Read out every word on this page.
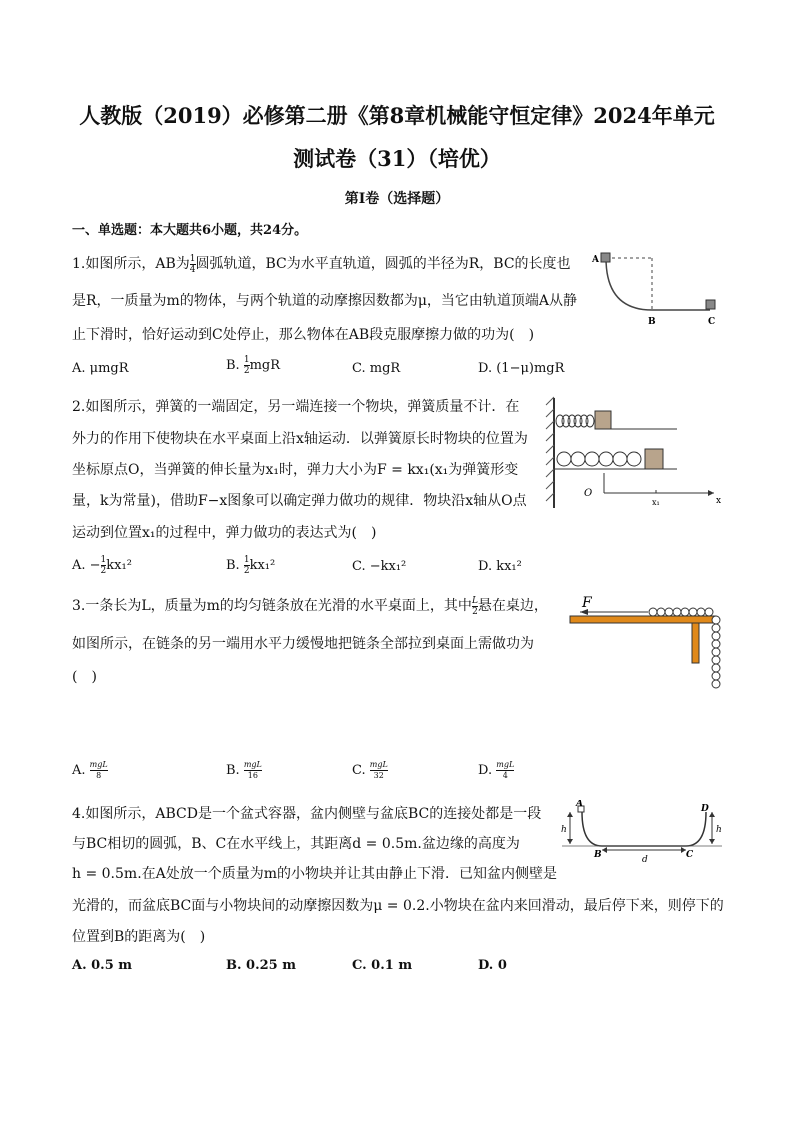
人教版（2019）必修第二册《第8章机械能守恒定律》2024年单元
测试卷（31）（培优）
第I卷（选择题）
一、单选题：本大题共6小题，共24分。
1.如图所示，AB为 $\frac{1}{4}$ 圆弧轨道，BC为水平直轨道，圆弧的半径为R，BC的长度也
是R，一质量为m的物体，与两个轨道的动摩擦因数都为μ，当它由轨道顶端A从静
止下滑时，恰好运动到C处停止，那么物体在AB段克服摩擦力做的功为(　)
A. μmgR	B. $\frac{1}{2}$ mgR	C. mgR	D. (1−μ)mgR
A
B	C
2.如图所示，弹簧的一端固定，另一端连接一个物块，弹簧质量不计．在
外力的作用下使物块在水平桌面上沿x轴运动．以弹簧原长时物块的位置为
坐标原点O，当弹簧的伸长量为x₁时，弹力大小为F = kx₁(x₁为弹簧形变
量，k为常量)，借助F−x图象可以确定弹力做功的规律．物块沿x轴从O点
运动到位置x₁的过程中，弹力做功的表达式为(　)
A. − $\frac{1}{2} kx_1^2$	B. $\frac{1}{2} kx_1^2$	C. −kx₁²	D. kx₁²
O
x₁	x
3.一条长为L，质量为m的均匀链条放在光滑的水平桌面上，其中 $\frac{L}{2}$ 悬在桌边，
如图所示，在链条的另一端用水平力缓慢地把链条全部拉到桌面上需做功为
(　)
A. mgL
8	B. mgL
16	C. mgL
32	D. mgL
4
F
4.如图所示，ABCD是一个盆式容器，盆内侧壁与盆底BC的连接处都是一段
与BC相切的圆弧，B、C在水平线上，其距离d = 0.5m.盆边缘的高度为
h = 0.5m.在A处放一个质量为m的小物块并让其由静止下滑．已知盆内侧壁是
光滑的，而盆底BC面与小物块间的动摩擦因数为μ = 0.2.小物块在盆内来回滑动，最后停下来，则停下的
位置到B的距离为(　)
A. 0.5 m	B. 0.25 m	C. 0.1 m	D. 0
A	D
h	h
B	C
d
